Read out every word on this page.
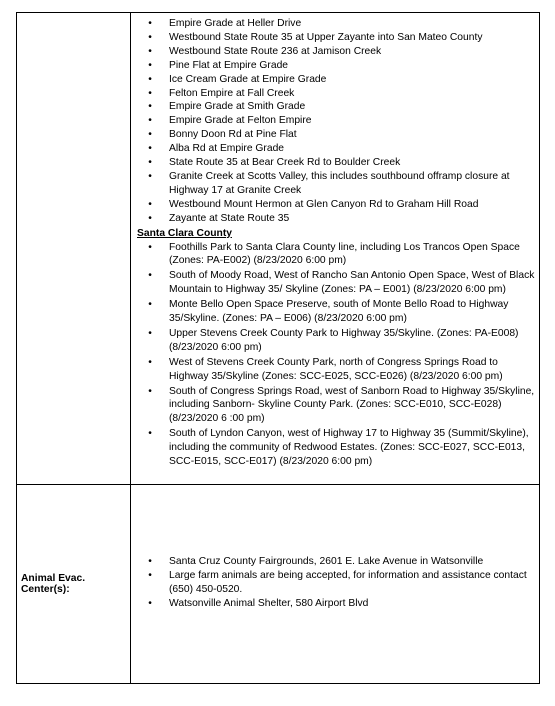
•	Empire Grade at Heller Drive
•	Westbound State Route 35 at Upper Zayante into San Mateo County
•	Westbound State Route 236 at Jamison Creek
•	Pine Flat at Empire Grade
•	Ice Cream Grade at Empire Grade
•	Felton Empire at Fall Creek
•	Empire Grade at Smith Grade
•	Empire Grade at Felton Empire
•	Bonny Doon Rd at Pine Flat
•	Alba Rd at Empire Grade
•	State Route 35 at Bear Creek Rd to Boulder Creek
•	Granite Creek at Scotts Valley, this includes southbound offramp closure at Highway 17 at Granite Creek
•	Westbound Mount Hermon at Glen Canyon Rd to Graham Hill Road
•	Zayante at State Route 35
Santa Clara County
•	Foothills Park to Santa Clara County line, including Los Trancos Open Space (Zones: PA-E002) (8/23/2020 6:00 pm)
•	South of Moody Road, West of Rancho San Antonio Open Space, West of Black Mountain to Highway 35/ Skyline (Zones: PA – E001) (8/23/2020 6:00 pm)
•	Monte Bello Open Space Preserve, south of Monte Bello Road to Highway 35/Skyline. (Zones: PA – E006) (8/23/2020 6:00 pm)
•	Upper Stevens Creek County Park to Highway 35/Skyline. (Zones: PA-E008) (8/23/2020 6:00 pm)
•	West of Stevens Creek County Park, north of Congress Springs Road to Highway 35/Skyline (Zones: SCC-E025, SCC-E026) (8/23/2020 6:00 pm)
•	South of Congress Springs Road, west of Sanborn Road to Highway 35/Skyline, including Sanborn- Skyline County Park. (Zones: SCC-E010, SCC-E028) (8/23/2020 6 :00 pm)
•	South of Lyndon Canyon, west of Highway 17 to Highway 35 (Summit/Skyline), including the community of Redwood Estates. (Zones: SCC-E027, SCC-E013, SCC-E015, SCC-E017) (8/23/2020 6:00 pm)
Animal Evac. Center(s):
•	Santa Cruz County Fairgrounds, 2601 E. Lake Avenue in Watsonville
•	Large farm animals are being accepted, for information and assistance contact (650) 450-0520.
•	Watsonville Animal Shelter, 580 Airport Blvd
